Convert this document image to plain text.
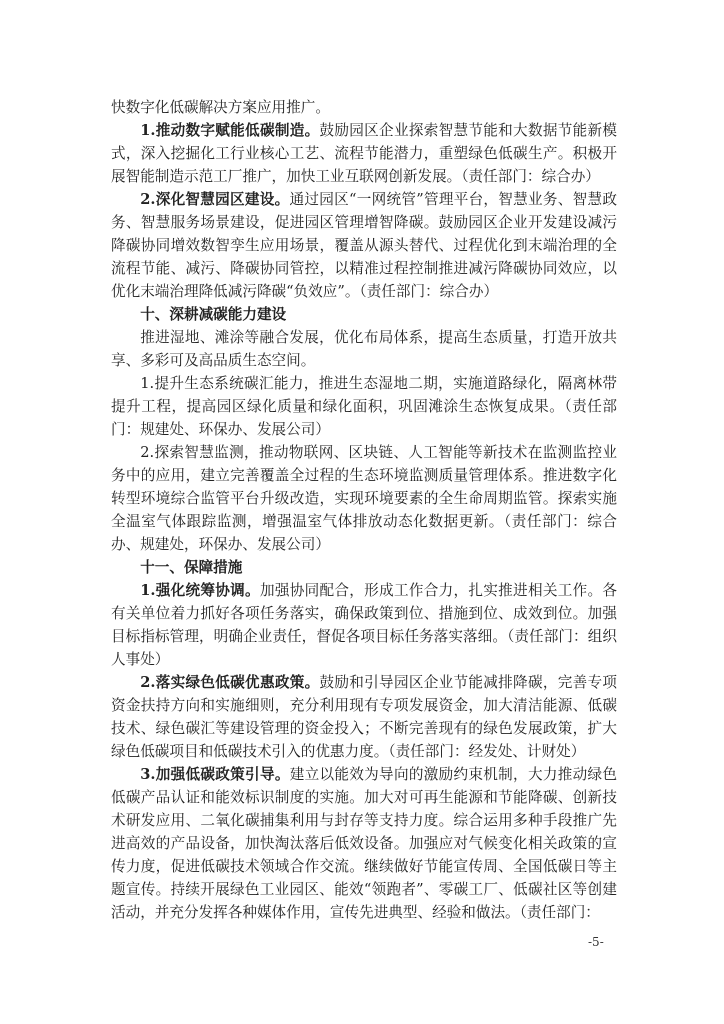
快数字化低碳解决方案应用推广。

1.推动数字赋能低碳制造。鼓励园区企业探索智慧节能和大数据节能新模式，深入挖掘化工行业核心工艺、流程节能潜力，重塑绿色低碳生产。积极开展智能制造示范工厂推广，加快工业互联网创新发展。（责任部门：综合办）

2.深化智慧园区建设。通过园区“一网统管”管理平台，智慧业务、智慧政务、智慧服务场景建设，促进园区管理增智降碳。鼓励园区企业开发建设减污降碳协同增效数智孪生应用场景，覆盖从源头替代、过程优化到末端治理的全流程节能、减污、降碳协同管控，以精准过程控制推进减污降碳协同效应，以优化末端治理降低减污降碳“负效应”。（责任部门：综合办）

十、深耕减碳能力建设

推进湿地、滩涂等融合发展，优化布局体系，提高生态质量，打造开放共享、多彩可及高品质生态空间。

1.提升生态系统碳汇能力，推进生态湿地二期，实施道路绿化，隔离林带提升工程，提高园区绿化质量和绿化面积，巩固滩涂生态恢复成果。（责任部门：规建处、环保办、发展公司）

2.探索智慧监测，推动物联网、区块链、人工智能等新技术在监测监控业务中的应用，建立完善覆盖全过程的生态环境监测质量管理体系。推进数字化转型环境综合监管平台升级改造，实现环境要素的全生命周期监管。探索实施全温室气体跟踪监测，增强温室气体排放动态化数据更新。（责任部门：综合办、规建处，环保办、发展公司）

十一、保障措施

1.强化统筹协调。加强协同配合，形成工作合力，扎实推进相关工作。各有关单位着力抓好各项任务落实，确保政策到位、措施到位、成效到位。加强目标指标管理，明确企业责任，督促各项目标任务落实落细。（责任部门：组织人事处）

2.落实绿色低碳优惠政策。鼓励和引导园区企业节能减排降碳，完善专项资金扶持方向和实施细则，充分利用现有专项发展资金，加大清洁能源、低碳技术、绿色碳汇等建设管理的资金投入；不断完善现有的绿色发展政策，扩大绿色低碳项目和低碳技术引入的优惠力度。（责任部门：经发处、计财处）

3.加强低碳政策引导。建立以能效为导向的激励约束机制，大力推动绿色低碳产品认证和能效标识制度的实施。加大对可再生能源和节能降碳、创新技术研发应用、二氧化碳捕集利用与封存等支持力度。综合运用多种手段推广先进高效的产品设备，加快淘汰落后低效设备。加强应对气候变化相关政策的宣传力度，促进低碳技术领域合作交流。继续做好节能宣传周、全国低碳日等主题宣传。持续开展绿色工业园区、能效“领跑者”、零碳工厂、低碳社区等创建活动，并充分发挥各种媒体作用，宣传先进典型、经验和做法。（责任部门：

-5-
